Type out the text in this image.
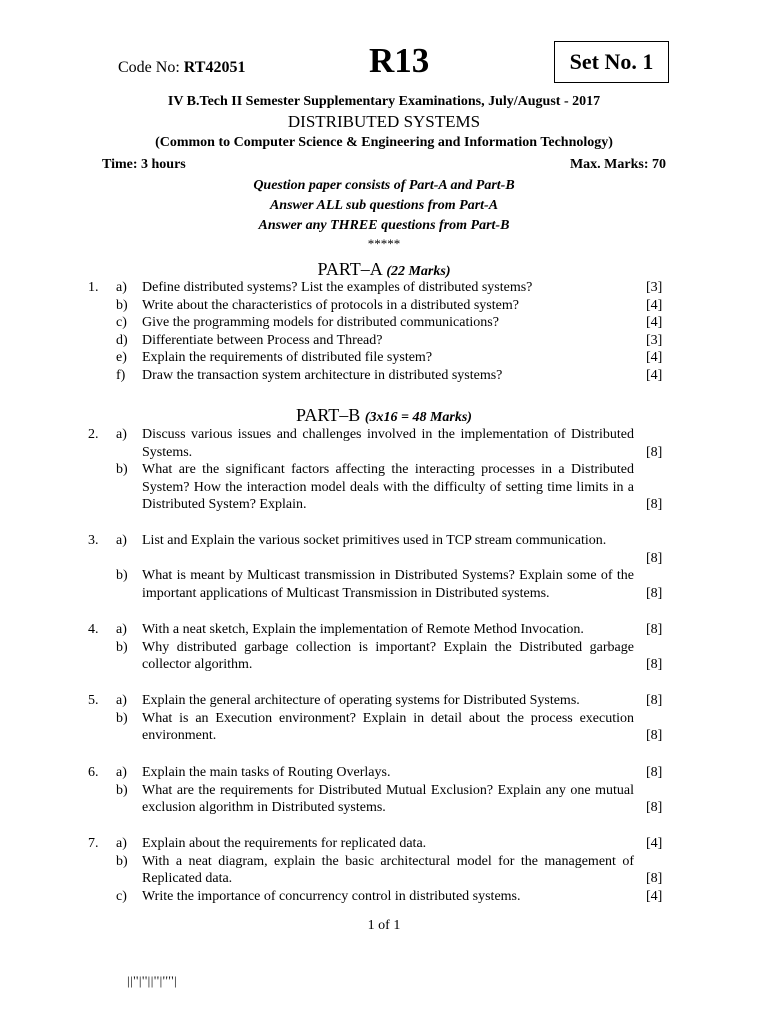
Code No: RT42051	R13	Set No. 1
IV B.Tech II Semester Supplementary Examinations, July/August - 2017
DISTRIBUTED SYSTEMS
(Common to Computer Science & Engineering and Information Technology)
Time: 3 hours	Max. Marks: 70
Question paper consists of Part-A and Part-B
Answer ALL sub questions from Part-A
Answer any THREE questions from Part-B
*****
PART–A (22 Marks)
1.	a)	Define distributed systems? List the examples of distributed systems?	[3]
b)	Write about the characteristics of protocols in a distributed system?	[4]
c)	Give the programming models for distributed communications?	[4]
d)	Differentiate between Process and Thread?	[3]
e)	Explain the requirements of distributed file system?	[4]
f)	Draw the transaction system architecture in distributed systems?	[4]
PART–B (3x16 = 48 Marks)
2.	a)	Discuss various issues and challenges involved in the implementation of Distributed Systems.	[8]
b)	What are the significant factors affecting the interacting processes in a Distributed System? How the interaction model deals with the difficulty of setting time limits in a Distributed System? Explain.	[8]
3.	a)	List and Explain the various socket primitives used in TCP stream communication.
[8]
b)	What is meant by Multicast transmission in Distributed Systems? Explain some of the important applications of Multicast Transmission in Distributed systems.	[8]
4.	a)	With a neat sketch, Explain the implementation of Remote Method Invocation.	[8]
b)	Why distributed garbage collection is important? Explain the Distributed garbage collector algorithm.	[8]
5.	a)	Explain the general architecture of operating systems for Distributed Systems.	[8]
b)	What is an Execution environment? Explain in detail about the process execution environment.	[8]
6.	a)	Explain the main tasks of Routing Overlays.	[8]
b)	What are the requirements for Distributed Mutual Exclusion? Explain any one mutual exclusion algorithm in Distributed systems.	[8]
7.	a)	Explain about the requirements for replicated data.	[4]
b)	With a neat diagram, explain the basic architectural model for the management of Replicated data.	[8]
c)	Write the importance of concurrency control in distributed systems.	[4]
1 of 1
||''|''||''|''''|
